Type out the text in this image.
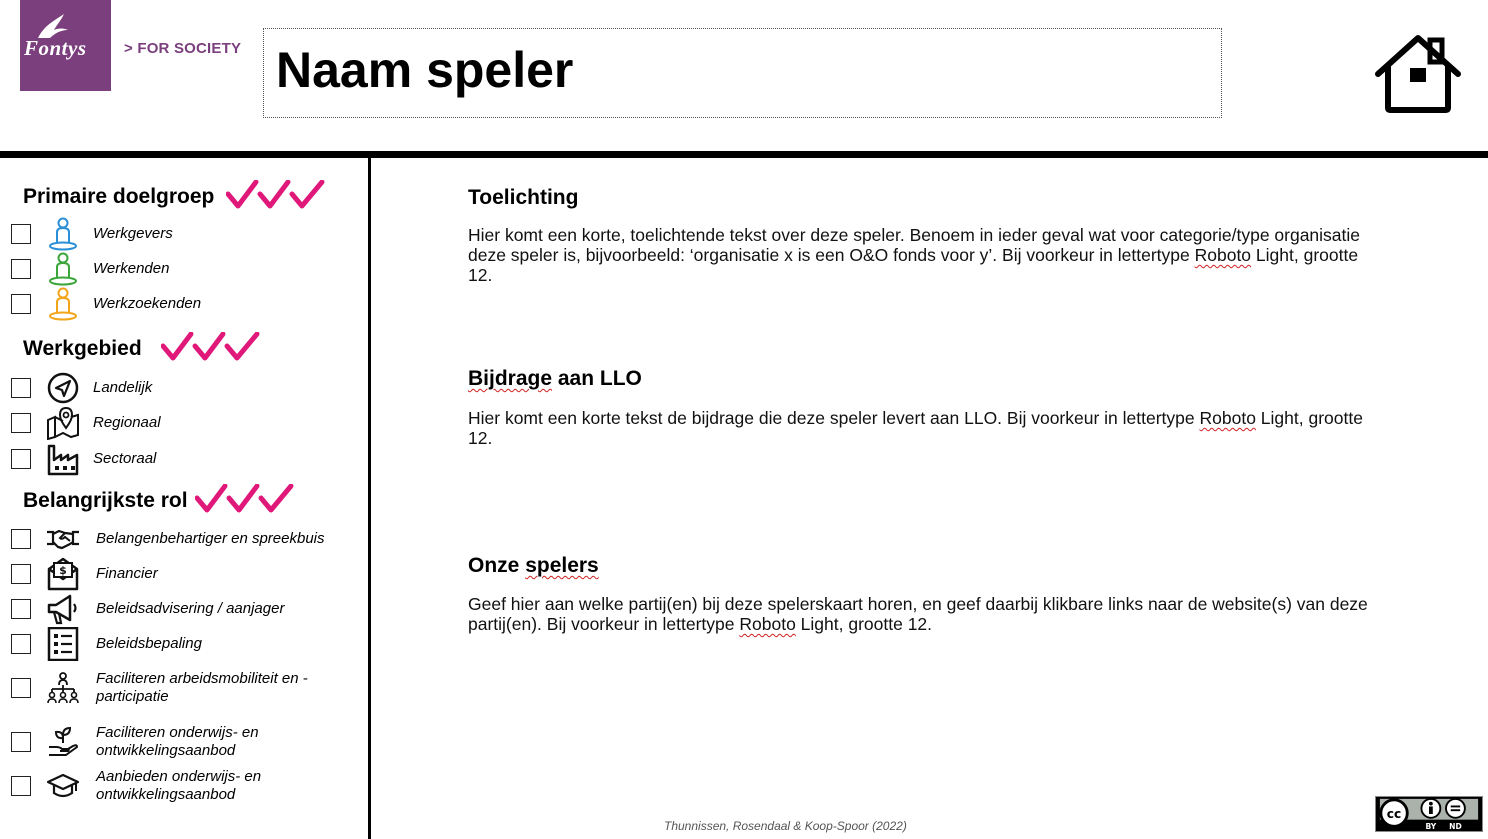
Fontys > FOR SOCIETY Naam speler
Primaire doelgroep
Werkgevers
Werkenden
Werkzoekenden
Werkgebied
Landelijk
Regionaal
Sectoraal
Belangrijkste rol
Belangenbehartiger en spreekbuis
$ Financier
Beleidsadvisering / aanjager
Beleidsbepaling
Faciliteren arbeidsmobiliteit en -participatie
Faciliteren onderwijs- en ontwikkelingsaanbod
Aanbieden onderwijs- en ontwikkelingsaanbod
Toelichting
Hier komt een korte, toelichtende tekst over deze speler. Benoem in ieder geval wat voor categorie/type organisatie deze speler is, bijvoorbeeld: ‘organisatie x is een O&O fonds voor y’. Bij voorkeur in lettertype Roboto Light, grootte 12.
Bijdrage aan LLO
Hier komt een korte tekst de bijdrage die deze speler levert aan LLO. Bij voorkeur in lettertype Roboto Light, grootte 12.
Onze spelers
Geef hier aan welke partij(en) bij deze spelerskaart horen, en geef daarbij klikbare links naar de website(s) van deze partij(en). Bij voorkeur in lettertype Roboto Light, grootte 12.
Thunnissen, Rosendaal & Koop-Spoor (2022)
cc
BY ND
